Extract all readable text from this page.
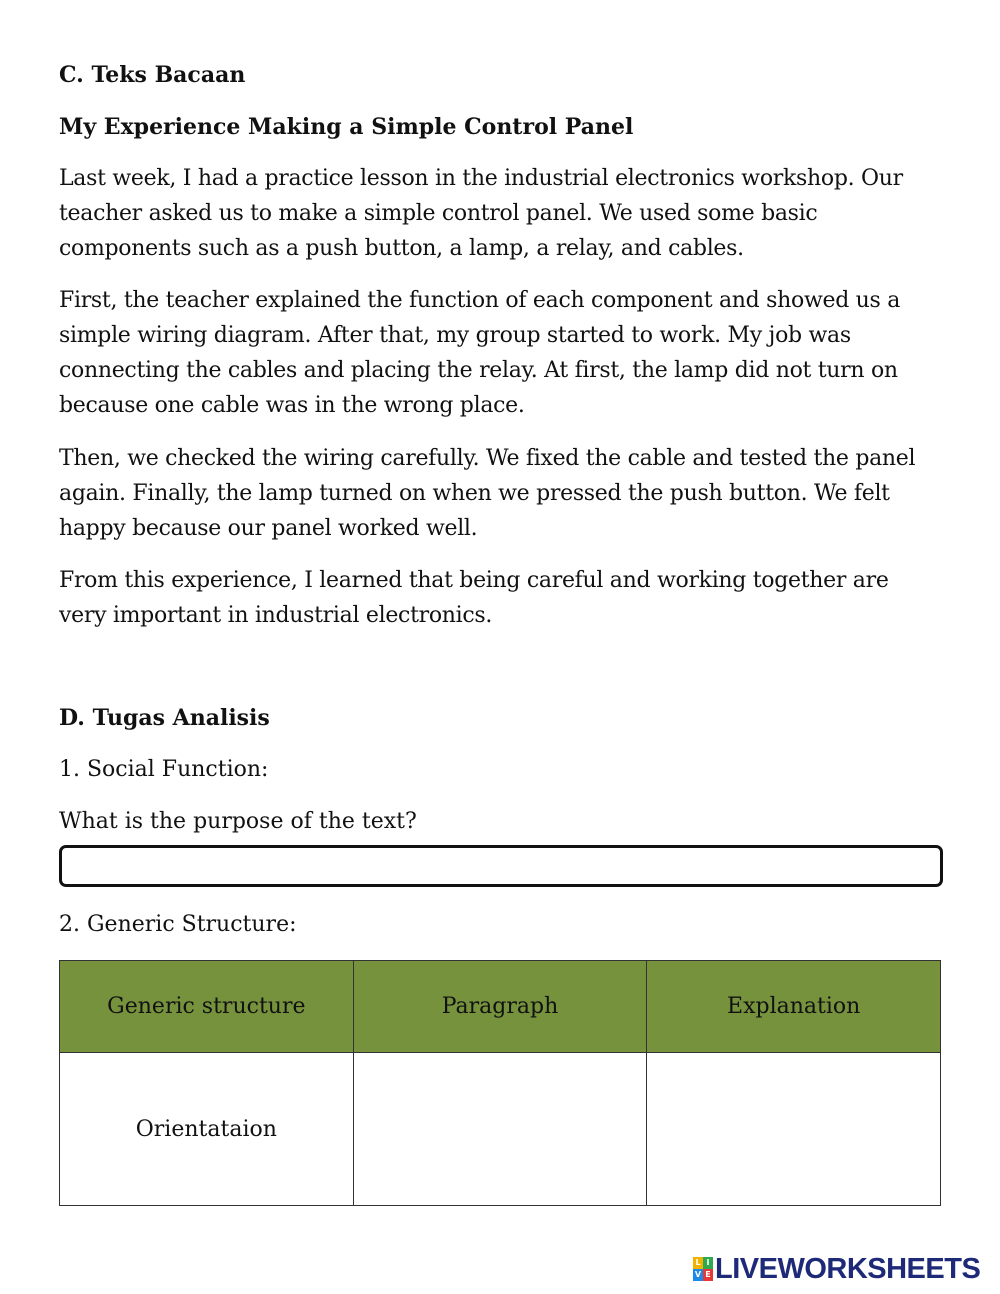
C. Teks Bacaan
My Experience Making a Simple Control Panel

Last week, I had a practice lesson in the industrial electronics workshop. Our
teacher asked us to make a simple control panel. We used some basic
components such as a push button, a lamp, a relay, and cables.

First, the teacher explained the function of each component and showed us a
simple wiring diagram. After that, my group started to work. My job was
connecting the cables and placing the relay. At first, the lamp did not turn on
because one cable was in the wrong place.

Then, we checked the wiring carefully. We fixed the cable and tested the panel
again. Finally, the lamp turned on when we pressed the push button. We felt
happy because our panel worked well.

From this experience, I learned that being careful and working together are
very important in industrial electronics.

D. Tugas Analisis

1. Social Function:

What is the purpose of the text?

2. Generic Structure:

Generic structure	Paragraph	Explanation
Orientataion		
L I
V E LIVEWORKSHEETS
